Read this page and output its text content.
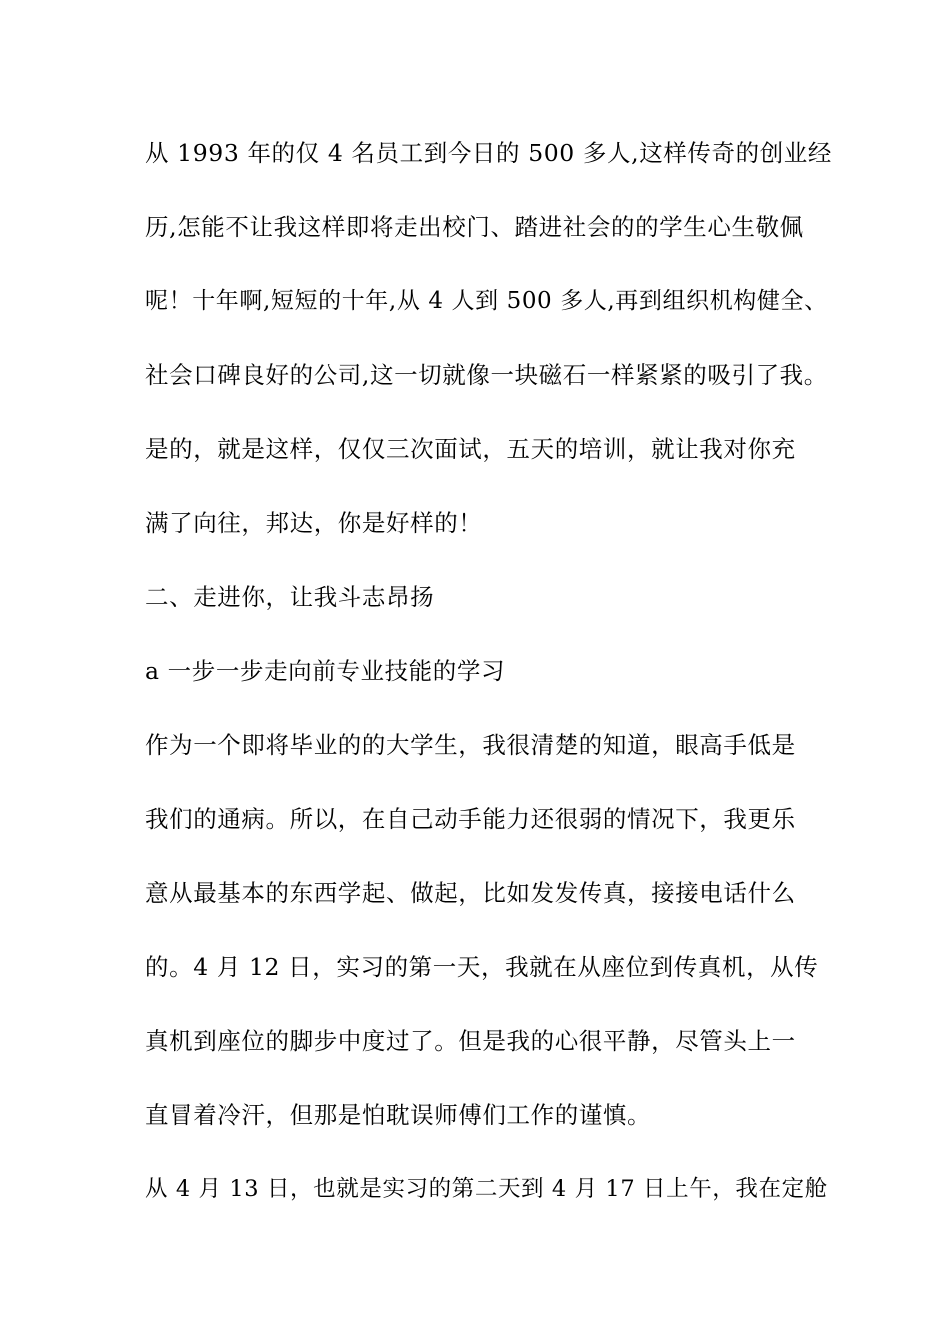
从 1993 年的仅 4 名员工到今日的 500 多人,这样传奇的创业经
历,怎能不让我这样即将走出校门、踏进社会的的学生心生敬佩
呢！十年啊,短短的十年,从 4 人到 500 多人,再到组织机构健全、
社会口碑良好的公司,这一切就像一块磁石一样紧紧的吸引了我。
是的，就是这样，仅仅三次面试，五天的培训，就让我对你充
满了向往，邦达，你是好样的！
二、走进你，让我斗志昂扬
a 一步一步走向前专业技能的学习
作为一个即将毕业的的大学生，我很清楚的知道，眼高手低是
我们的通病。所以，在自己动手能力还很弱的情况下，我更乐
意从最基本的东西学起、做起，比如发发传真，接接电话什么
的。4 月 12 日，实习的第一天，我就在从座位到传真机，从传
真机到座位的脚步中度过了。但是我的心很平静，尽管头上一
直冒着冷汗，但那是怕耽误师傅们工作的谨慎。
从 4 月 13 日，也就是实习的第二天到 4 月 17 日上午，我在定舱
